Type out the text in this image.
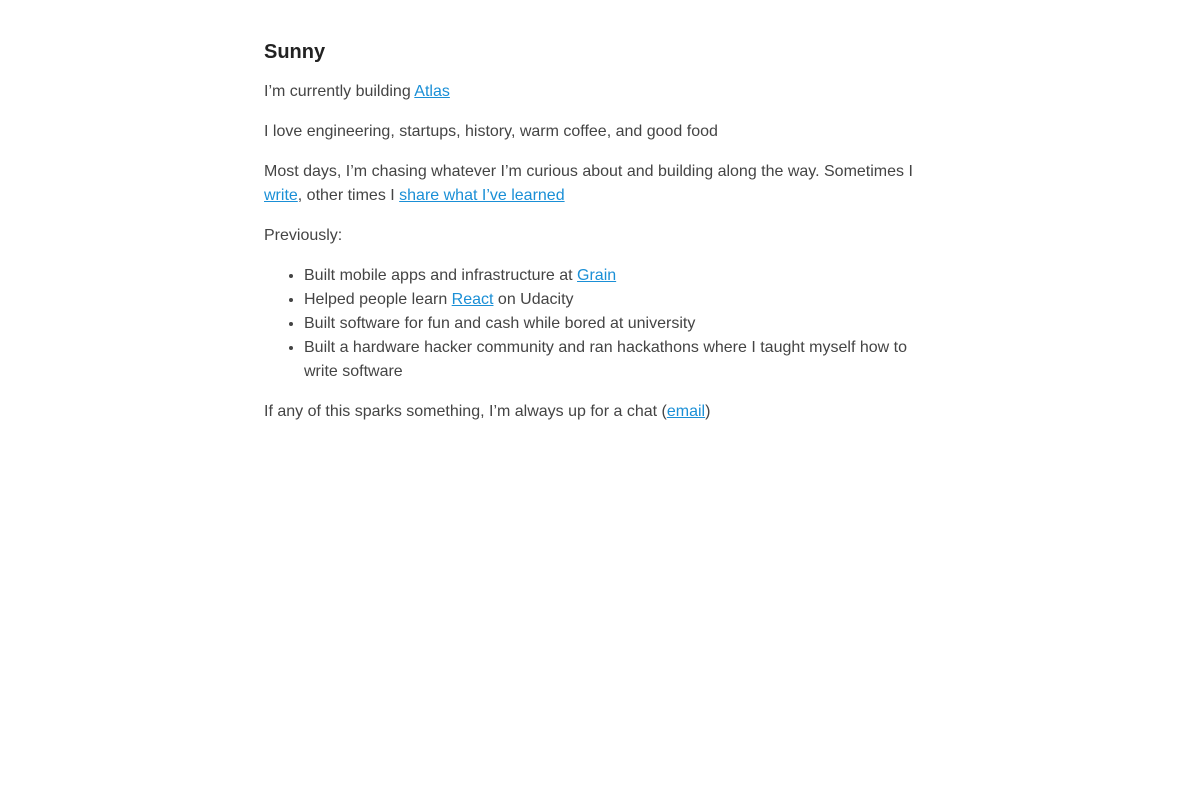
Sunny

I’m currently building Atlas

I love engineering, startups, history, warm coffee, and good food

Most days, I’m chasing whatever I’m curious about and building along the way. Sometimes I write, other times I share what I’ve learned

Previously:

• Built mobile apps and infrastructure at Grain
• Helped people learn React on Udacity
• Built software for fun and cash while bored at university
• Built a hardware hacker community and ran hackathons where I taught myself how to write software

If any of this sparks something, I’m always up for a chat (email)
